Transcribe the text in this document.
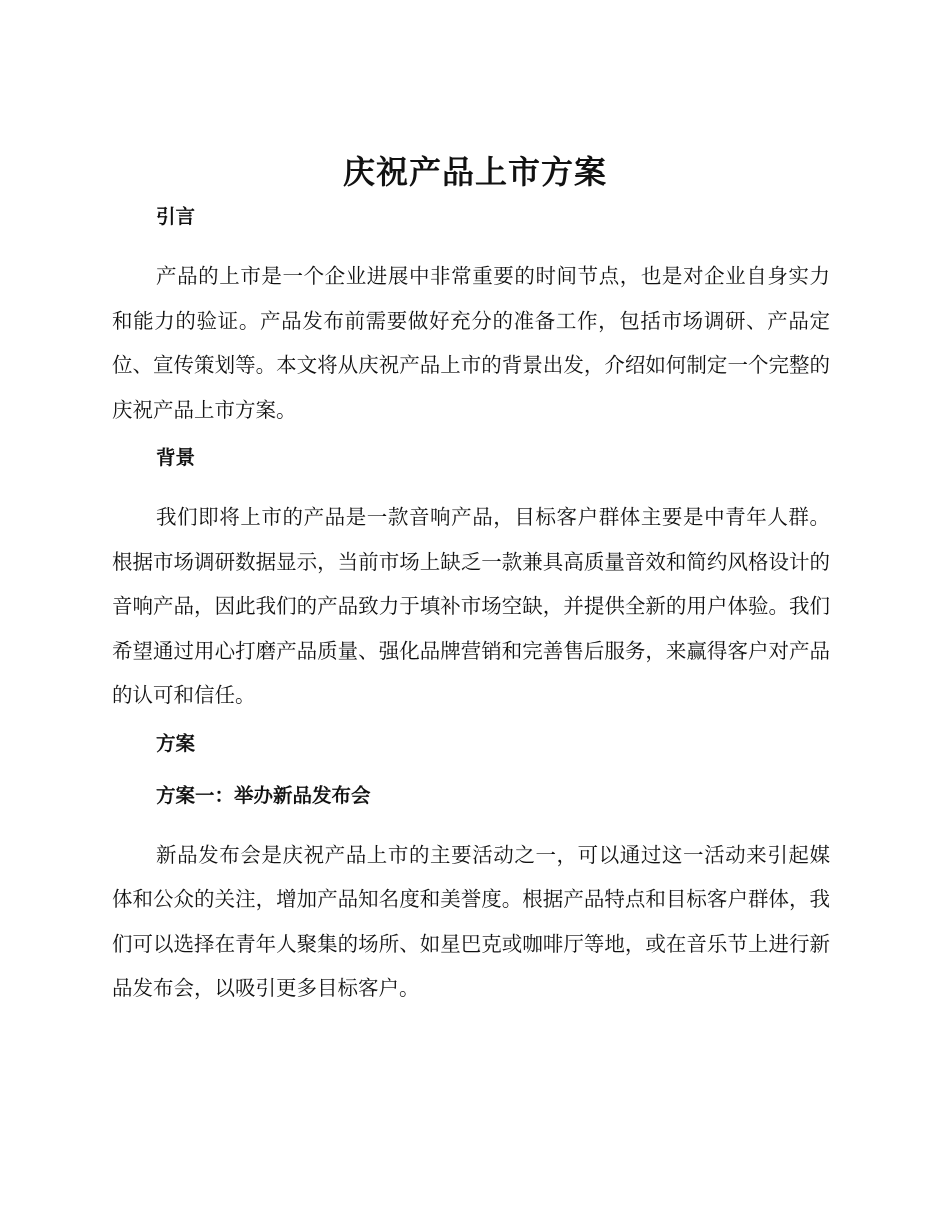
庆祝产品上市方案
引言
产品的上市是一个企业进展中非常重要的时间节点，也是对企业自身实力和能力的验证。产品发布前需要做好充分的准备工作，包括市场调研、产品定位、宣传策划等。本文将从庆祝产品上市的背景出发，介绍如何制定一个完整的庆祝产品上市方案。
背景
我们即将上市的产品是一款音响产品，目标客户群体主要是中青年人群。根据市场调研数据显示，当前市场上缺乏一款兼具高质量音效和简约风格设计的音响产品，因此我们的产品致力于填补市场空缺，并提供全新的用户体验。我们希望通过用心打磨产品质量、强化品牌营销和完善售后服务，来赢得客户对产品的认可和信任。
方案
方案一：举办新品发布会
新品发布会是庆祝产品上市的主要活动之一，可以通过这一活动来引起媒体和公众的关注，增加产品知名度和美誉度。根据产品特点和目标客户群体，我们可以选择在青年人聚集的场所、如星巴克或咖啡厅等地，或在音乐节上进行新品发布会，以吸引更多目标客户。
